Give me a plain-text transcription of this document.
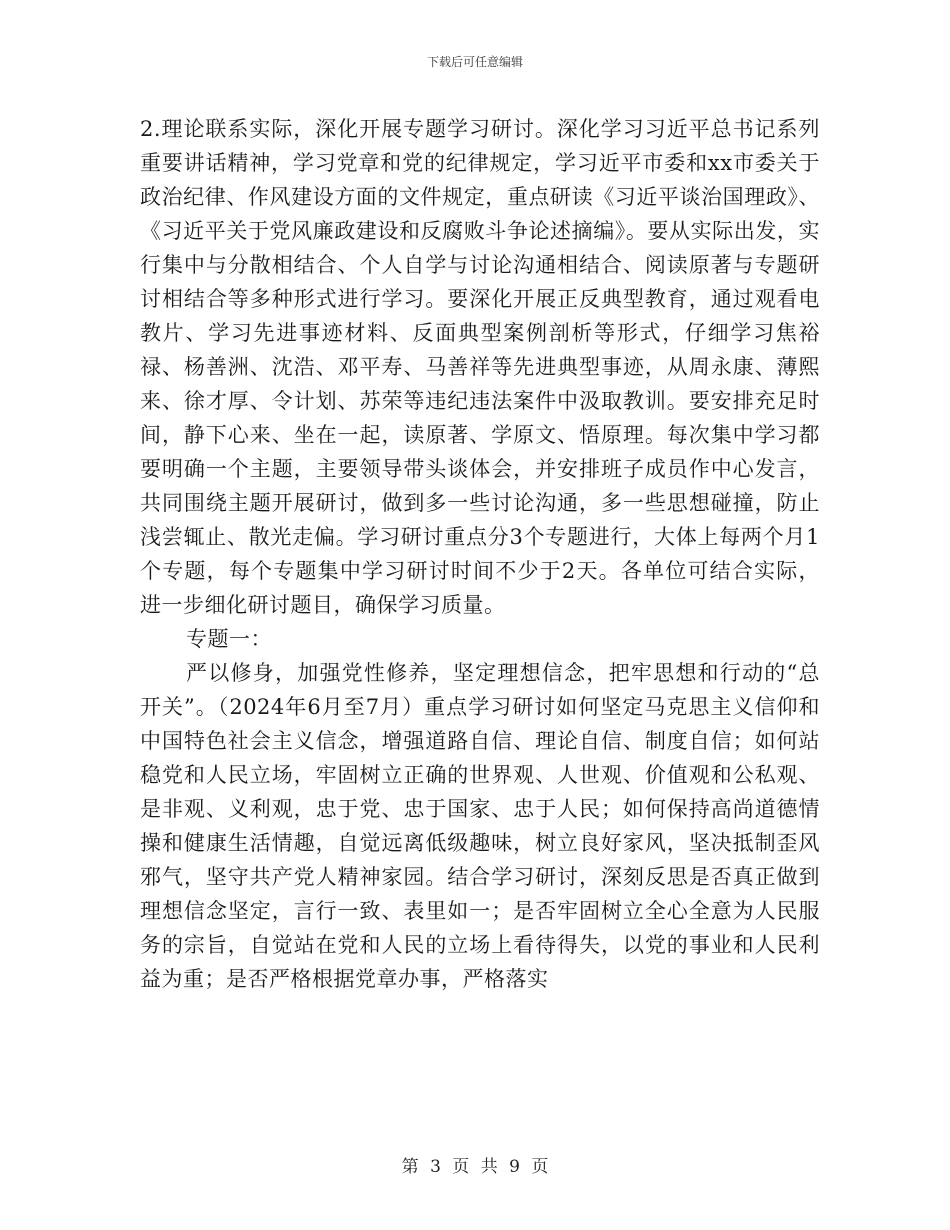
下载后可任意编辑

2.理论联系实际，深化开展专题学习研讨。深化学习习近平总书记系列重要讲话精神，学习党章和党的纪律规定，学习近平市委和xx市委关于政治纪律、作风建设方面的文件规定，重点研读《习近平谈治国理政》、《习近平关于党风廉政建设和反腐败斗争论述摘编》。要从实际出发，实行集中与分散相结合、个人自学与讨论沟通相结合、阅读原著与专题研讨相结合等多种形式进行学习。要深化开展正反典型教育，通过观看电教片、学习先进事迹材料、反面典型案例剖析等形式，仔细学习焦裕禄、杨善洲、沈浩、邓平寿、马善祥等先进典型事迹，从周永康、薄熙来、徐才厚、令计划、苏荣等违纪违法案件中汲取教训。要安排充足时间，静下心来、坐在一起，读原著、学原文、悟原理。每次集中学习都要明确一个主题，主要领导带头谈体会，并安排班子成员作中心发言，共同围绕主题开展研讨，做到多一些讨论沟通，多一些思想碰撞，防止浅尝辄止、散光走偏。学习研讨重点分3个专题进行，大体上每两个月1个专题，每个专题集中学习研讨时间不少于2天。各单位可结合实际，进一步细化研讨题目，确保学习质量。

专题一：

严以修身，加强党性修养，坚定理想信念，把牢思想和行动的“总开关”。（2024年6月至7月）重点学习研讨如何坚定马克思主义信仰和中国特色社会主义信念，增强道路自信、理论自信、制度自信；如何站稳党和人民立场，牢固树立正确的世界观、人世观、价值观和公私观、是非观、义利观，忠于党、忠于国家、忠于人民；如何保持高尚道德情操和健康生活情趣，自觉远离低级趣味，树立良好家风，坚决抵制歪风邪气，坚守共产党人精神家园。结合学习研讨，深刻反思是否真正做到理想信念坚定，言行一致、表里如一；是否牢固树立全心全意为人民服务的宗旨，自觉站在党和人民的立场上看待得失，以党的事业和人民利益为重；是否严格根据党章办事，严格落实

第 3 页 共 9 页
